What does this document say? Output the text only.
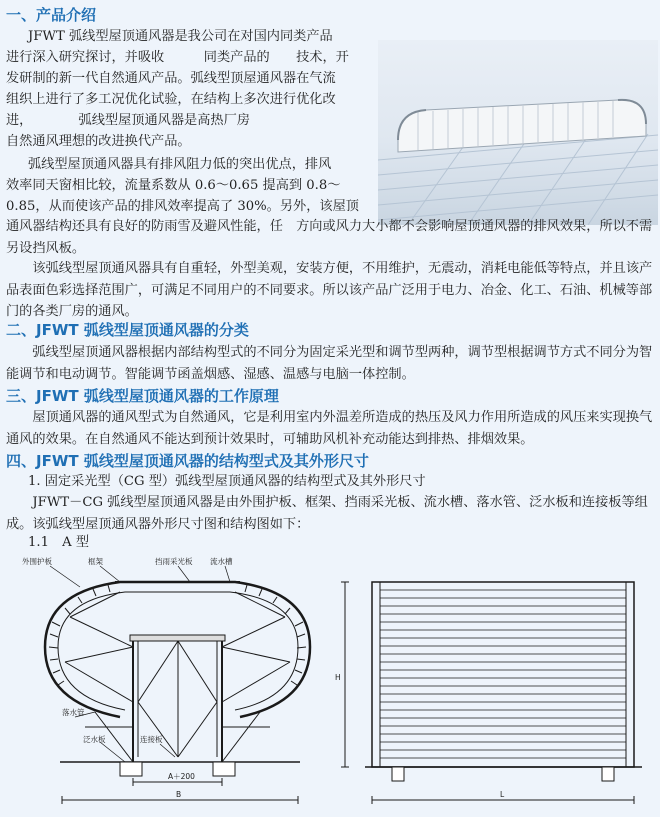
一、产品介绍
JFWT 弧线型屋顶通风器是我公司在对国内同类产品
进行深入研究探讨，并吸收　　　同类产品的　　技术，开
发研制的新一代自然通风产品。弧线型顶屋通风器在气流
组织上进行了多工况优化试验，在结构上多次进行优化改
进，　　　　弧线型屋顶通风器是高热厂房
自然通风理想的改进换代产品。
弧线型屋顶通风器具有排风阻力低的突出优点，排风
效率同天窗相比较，流量系数从 0.6～0.65 提高到 0.8～
0.85，从而使该产品的排风效率提高了 30%。另外，该屋顶
通风器结构还具有良好的防雨雪及避风性能，任　方向或风力大小都不会影响屋顶通风器的排风效果，所以不需另设挡风板。
该弧线型屋顶通风器具有自重轻，外型美观，安装方便，不用维护，无震动，消耗电能低等特点，并且该产品表面色彩选择范围广，可满足不同用户的不同要求。所以该产品广泛用于电力、冶金、化工、石油、机械等部门的各类厂房的通风。
二、JFWT 弧线型屋顶通风器的分类
弧线型屋顶通风器根据内部结构型式的不同分为固定采光型和调节型两种，调节型根据调节方式不同分为智能调节和电动调节。智能调节函盖烟感、湿感、温感与电脑一体控制。
三、JFWT 弧线型屋顶通风器的工作原理
屋顶通风器的通风型式为自然通风，它是利用室内外温差所造成的热压及风力作用所造成的风压来实现换气通风的效果。在自然通风不能达到预计效果时，可辅助风机补充动能达到排热、排烟效果。
四、JFWT 弧线型屋顶通风器的结构型式及其外形尺寸
1. 固定采光型（CG 型）弧线型屋顶通风器的结构型式及其外形尺寸
JFWT－CG 弧线型屋顶通风器是由外围护板、框架、挡雨采光板、流水槽、落水管、泛水板和连接板等组成。该弧线型屋顶通风器外形尺寸图和结构图如下：
1.1　A 型
外围护板	框架	挡雨采光板 流水槽
落水管
泛水板	连接板
A＋200
B
H
L
